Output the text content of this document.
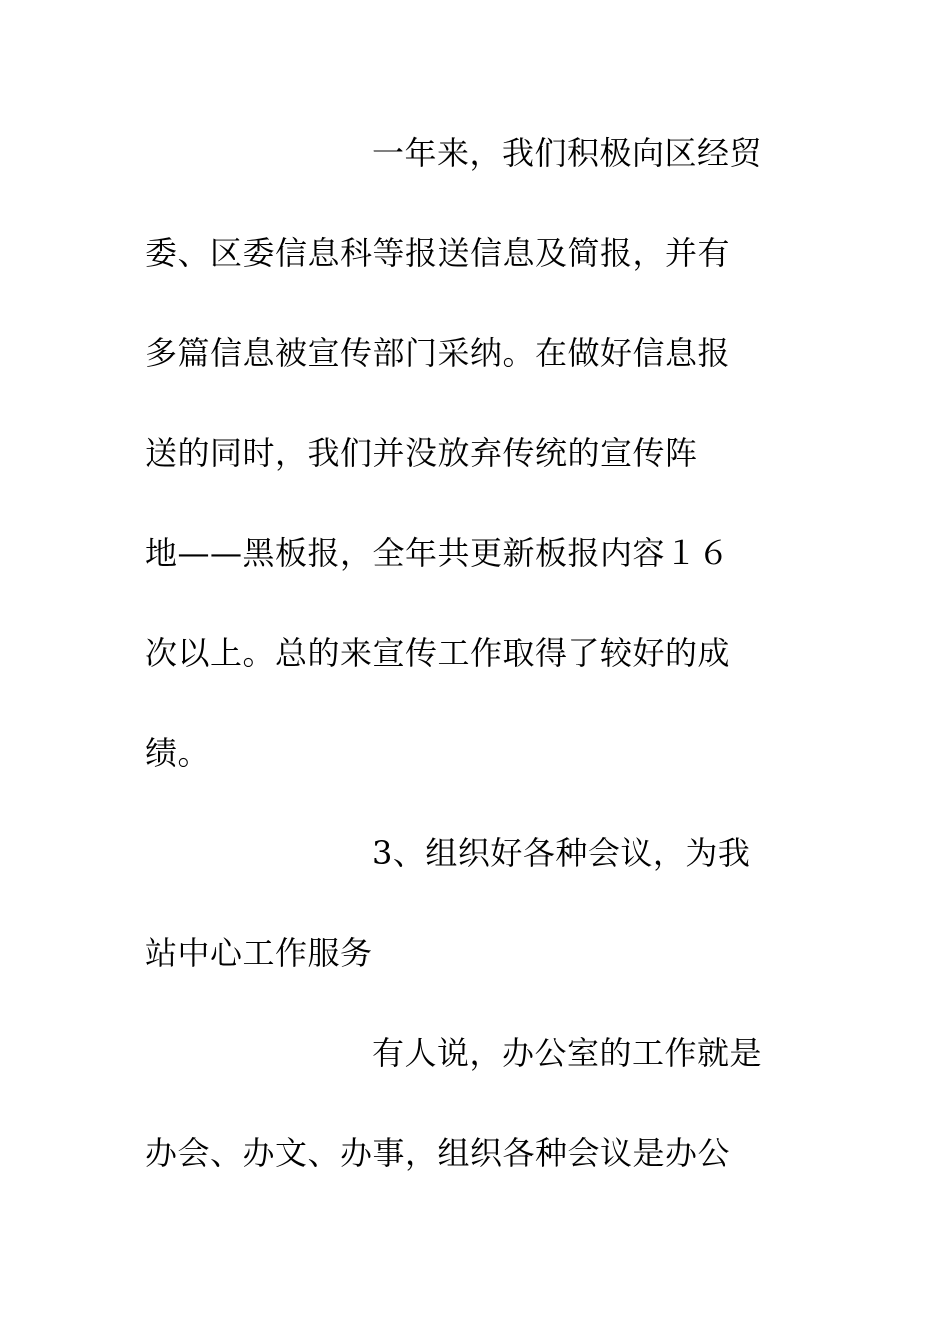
一年来，我们积极向区经贸
委、区委信息科等报送信息及简报，并有
多篇信息被宣传部门采纳。在做好信息报
送的同时，我们并没放弃传统的宣传阵
地——黑板报，全年共更新板报内容１６
次以上。总的来宣传工作取得了较好的成
绩。
3、组织好各种会议，为我
站中心工作服务
有人说，办公室的工作就是
办会、办文、办事，组织各种会议是办公
